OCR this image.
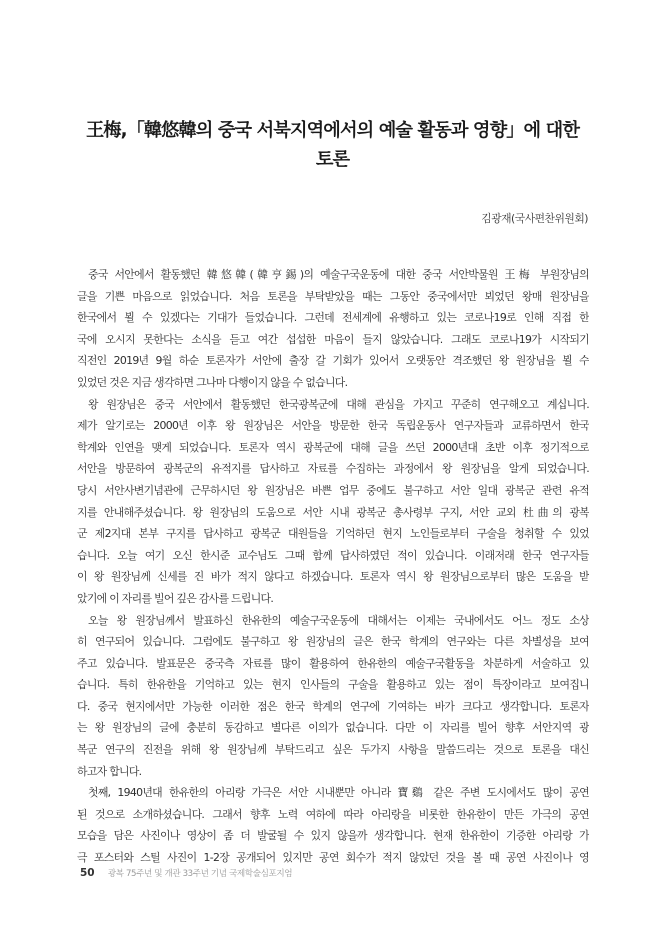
王梅,「韓悠韓의 중국 서북지역에서의 예술 활동과 영향」에 대한
토론
김광재(국사편찬위원회)
중국 서안에서 활동했던 韓悠韓(韓亨錫)의 예술구국운동에 대한 중국 서안박물원 王梅 부원장님의
글을 기쁜 마음으로 읽었습니다. 처음 토론을 부탁받았을 때는 그동안 중국에서만 뵈었던 왕매 원장님을
한국에서 뵐 수 있겠다는 기대가 들었습니다. 그런데 전세계에 유행하고 있는 코로나19로 인해 직접 한
국에 오시지 못한다는 소식을 듣고 여간 섭섭한 마음이 들지 않았습니다. 그래도 코로나19가 시작되기
직전인 2019년 9월 하순 토론자가 서안에 출장 갈 기회가 있어서 오랫동안 격조했던 왕 원장님을 뵐 수
있었던 것은 지금 생각하면 그나마 다행이지 않을 수 없습니다.
왕 원장님은 중국 서안에서 활동했던 한국광복군에 대해 관심을 가지고 꾸준히 연구해오고 계십니다.
제가 알기로는 2000년 이후 왕 원장님은 서안을 방문한 한국 독립운동사 연구자들과 교류하면서 한국
학계와 인연을 맺게 되었습니다. 토론자 역시 광복군에 대해 글을 쓰던 2000년대 초반 이후 정기적으로
서안을 방문하여 광복군의 유적지를 답사하고 자료를 수집하는 과정에서 왕 원장님을 알게 되었습니다.
당시 서안사변기념관에 근무하시던 왕 원장님은 바쁜 업무 중에도 불구하고 서안 일대 광복군 관련 유적
지를 안내해주셨습니다. 왕 원장님의 도움으로 서안 시내 광복군 총사령부 구지, 서안 교외 杜曲의 광복
군 제2지대 본부 구지를 답사하고 광복군 대원들을 기억하던 현지 노인들로부터 구술을 청취할 수 있었
습니다. 오늘 여기 오신 한시준 교수님도 그때 함께 답사하였던 적이 있습니다. 이래저래 한국 연구자들
이 왕 원장님께 신세를 진 바가 적지 않다고 하겠습니다. 토론자 역시 왕 원장님으로부터 많은 도움을 받
았기에 이 자리를 빌어 깊은 감사를 드립니다.
오늘 왕 원장님께서 발표하신 한유한의 예술구국운동에 대해서는 이제는 국내에서도 어느 정도 소상
히 연구되어 있습니다. 그럼에도 불구하고 왕 원장님의 글은 한국 학계의 연구와는 다른 차별성을 보여
주고 있습니다. 발표문은 중국측 자료를 많이 활용하여 한유한의 예술구국활동을 차분하게 서술하고 있
습니다. 특히 한유한을 기억하고 있는 현지 인사들의 구술을 활용하고 있는 점이 특장이라고 보여집니
다. 중국 현지에서만 가능한 이러한 점은 한국 학계의 연구에 기여하는 바가 크다고 생각합니다. 토론자
는 왕 원장님의 글에 충분히 동감하고 별다른 이의가 없습니다. 다만 이 자리를 빌어 향후 서안지역 광
복군 연구의 진전을 위해 왕 원장님께 부탁드리고 싶은 두가지 사항을 말씀드리는 것으로 토론을 대신
하고자 합니다.
첫째, 1940년대 한유한의 아리랑 가극은 서안 시내뿐만 아니라 寶鷄 같은 주변 도시에서도 많이 공연
된 것으로 소개하셨습니다. 그래서 향후 노력 여하에 따라 아리랑을 비롯한 한유한이 만든 가극의 공연
모습을 담은 사진이나 영상이 좀 더 발굴될 수 있지 않을까 생각합니다. 현재 한유한이 기증한 아리랑 가
극 포스터와 스틸 사진이 1-2장 공개되어 있지만 공연 회수가 적지 않았던 것을 볼 때 공연 사진이나 영
50 광복 75주년 및 개관 33주년 기념 국제학술심포지엄
